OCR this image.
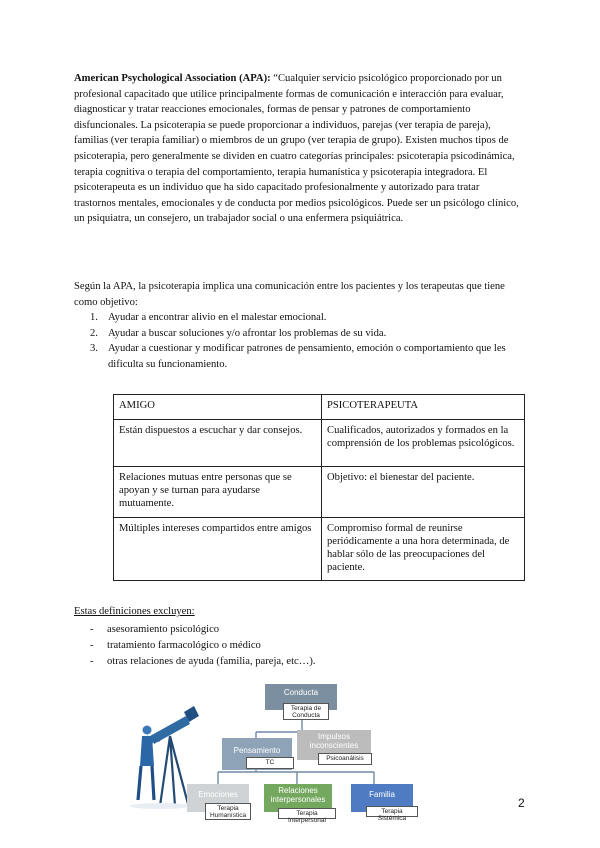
American Psychological Association (APA): “Cualquier servicio psicológico proporcionado por un profesional capacitado que utilice principalmente formas de comunicación e interacción para evaluar, diagnosticar y tratar reacciones emocionales, formas de pensar y patrones de comportamiento disfuncionales. La psicoterapia se puede proporcionar a individuos, parejas (ver terapia de pareja), familias (ver terapia familiar) o miembros de un grupo (ver terapia de grupo). Existen muchos tipos de psicoterapia, pero generalmente se dividen en cuatro categorías principales: psicoterapia psicodinámica, terapia cognitiva o terapia del comportamiento, terapia humanística y psicoterapia integradora. El psicoterapeuta es un individuo que ha sido capacitado profesionalmente y autorizado para tratar trastornos mentales, emocionales y de conducta por medios psicológicos. Puede ser un psicólogo clínico, un psiquiatra, un consejero, un trabajador social o una enfermera psiquiátrica.
Según la APA, la psicoterapia implica una comunicación entre los pacientes y los terapeutas que tiene como objetivo:
1. Ayudar a encontrar alivio en el malestar emocional.
2. Ayudar a buscar soluciones y/o afrontar los problemas de su vida.
3. Ayudar a cuestionar y modificar patrones de pensamiento, emoción o comportamiento que les dificulta su funcionamiento.
AMIGO	PSICOTERAPEUTA
Están dispuestos a escuchar y dar consejos.	Cualificados, autorizados y formados en la comprensión de los problemas psicológicos.
Relaciones mutuas entre personas que se apoyan y se turnan para ayudarse mutuamente.	Objetivo: el bienestar del paciente.
Múltiples intereses compartidos entre amigos	Compromiso formal de reunirse periódicamente a una hora determinada, de hablar sólo de las preocupaciones del paciente.
Estas definiciones excluyen:
- asesoramiento psicológico
- tratamiento farmacológico o médico
- otras relaciones de ayuda (familia, pareja, etc…).
Conducta
Terapia de Conducta
Pensamiento
TC
Impulsos inconscientes
Psicoanálisis
Emociones
Terapia Humanística
Relaciones interpersonales
Terapia Interpersonal
Familia
Terapia Sistémica
2
